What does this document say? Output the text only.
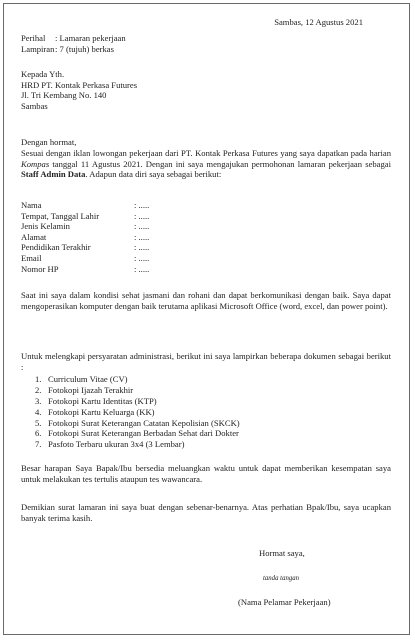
Sambas, 12 Agustus 2021
Perihal : Lamaran pekerjaan
Lampiran: 7 (tujuh) berkas
Kepada Yth.
HRD PT. Kontak Perkasa Futures
Jl. Tri Kembang No. 140
Sambas
Dengan hormat,
Sesuai dengan iklan lowongan pekerjaan dari PT. Kontak Perkasa Futures yang saya dapatkan pada harian Kompas tanggal 11 Agustus 2021. Dengan ini saya mengajukan permohonan lamaran pekerjaan sebagai Staff Admin Data. Adapun data diri saya sebagai berikut:
Nama	: .....
Tempat, Tanggal Lahir	: .....
Jenis Kelamin	: .....
Alamat	: .....
Pendidikan Terakhir	: .....
Email	: .....
Nomor HP	: .....
Saat ini saya dalam kondisi sehat jasmani dan rohani dan dapat berkomunikasi dengan baik. Saya dapat mengoperasikan komputer dengan baik terutama aplikasi Microsoft Office (word, excel, dan power point).
Untuk melengkapi persyaratan administrasi, berikut ini saya lampirkan beberapa dokumen sebagai berikut :
1. Curriculum Vitae (CV)
2. Fotokopi Ijazah Terakhir
3. Fotokopi Kartu Identitas (KTP)
4. Fotokopi Kartu Keluarga (KK)
5. Fotokopi Surat Keterangan Catatan Kepolisian (SKCK)
6. Fotokopi Surat Keterangan Berbadan Sehat dari Dokter
7. Pasfoto Terbaru ukuran 3x4 (3 Lembar)
Besar harapan Saya Bapak/Ibu bersedia meluangkan waktu untuk dapat memberikan kesempatan saya untuk melakukan tes tertulis ataupun tes wawancara.
Demikian surat lamaran ini saya buat dengan sebenar-benarnya. Atas perhatian Bpak/Ibu, saya ucapkan banyak terima kasih.
Hormat saya,
tanda tangan
(Nama Pelamar Pekerjaan)
